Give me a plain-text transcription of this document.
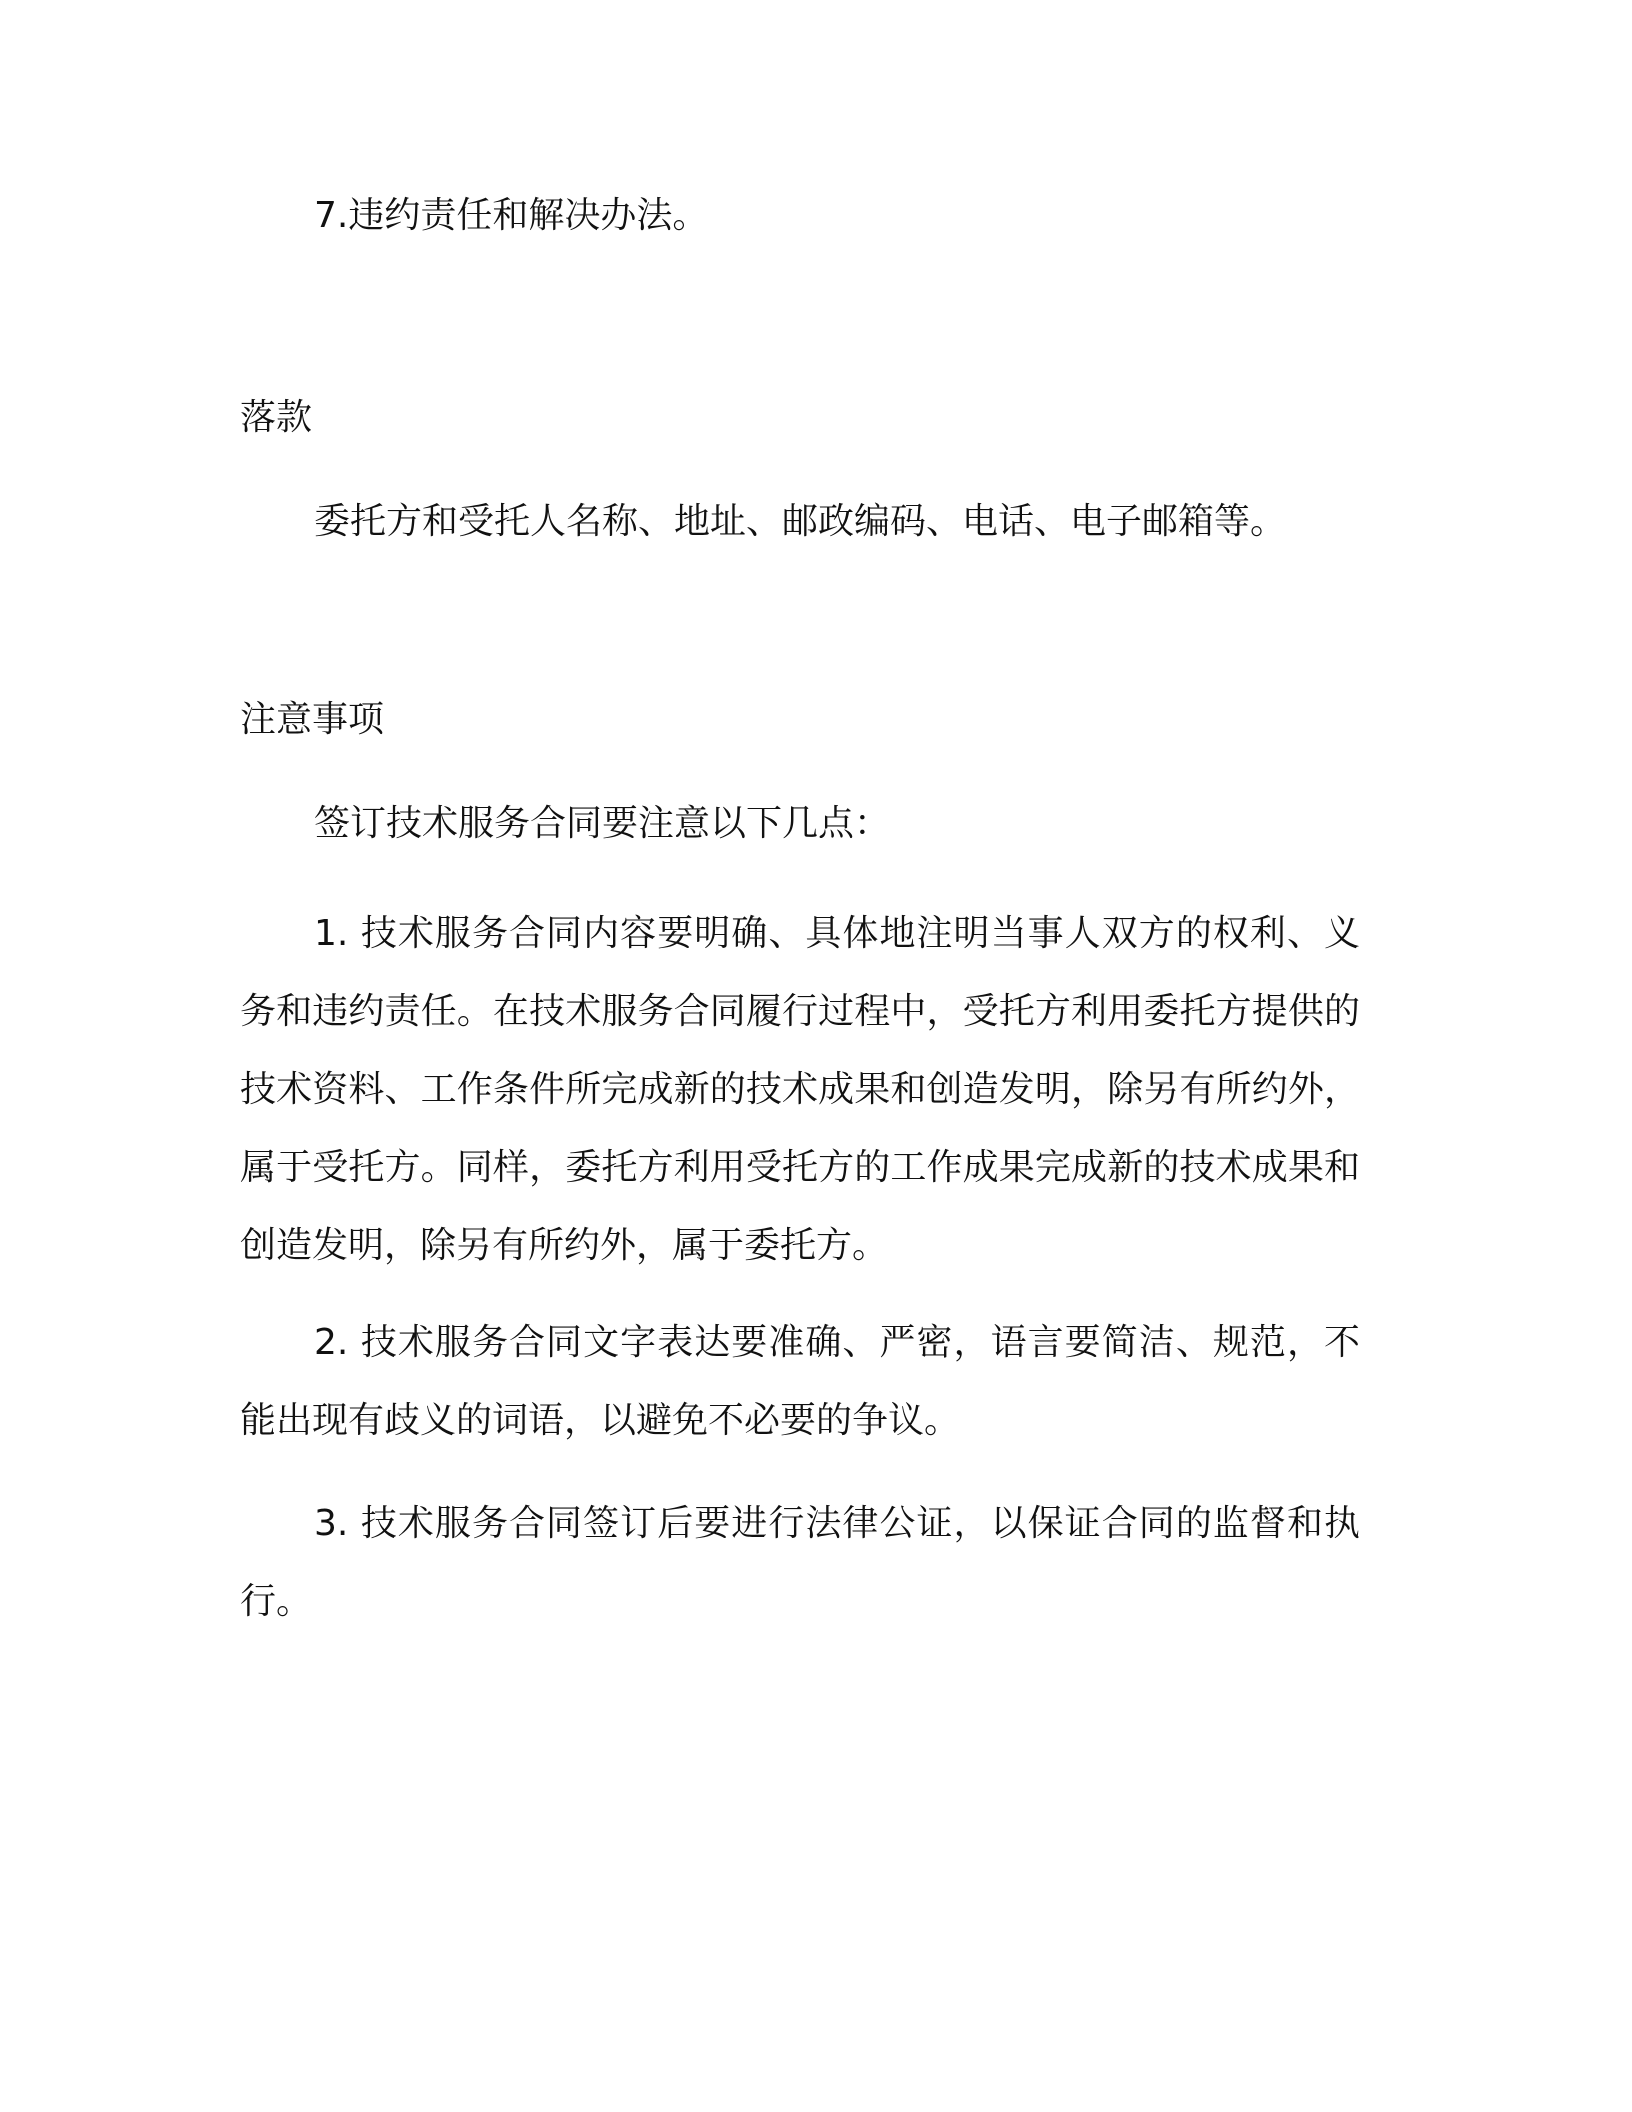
7.违约责任和解决办法。

落款

委托方和受托人名称、地址、邮政编码、电话、电子邮箱等。

注意事项

签订技术服务合同要注意以下几点：

1. 技术服务合同内容要明确、具体地注明当事人双方的权利、义务和违约责任。在技术服务合同履行过程中，受托方利用委托方提供的技术资料、工作条件所完成新的技术成果和创造发明，除另有所约外，属于受托方。同样，委托方利用受托方的工作成果完成新的技术成果和创造发明，除另有所约外，属于委托方。

2. 技术服务合同文字表达要准确、严密，语言要简洁、规范，不能出现有歧义的词语，以避免不必要的争议。

3. 技术服务合同签订后要进行法律公证，以保证合同的监督和执行。
